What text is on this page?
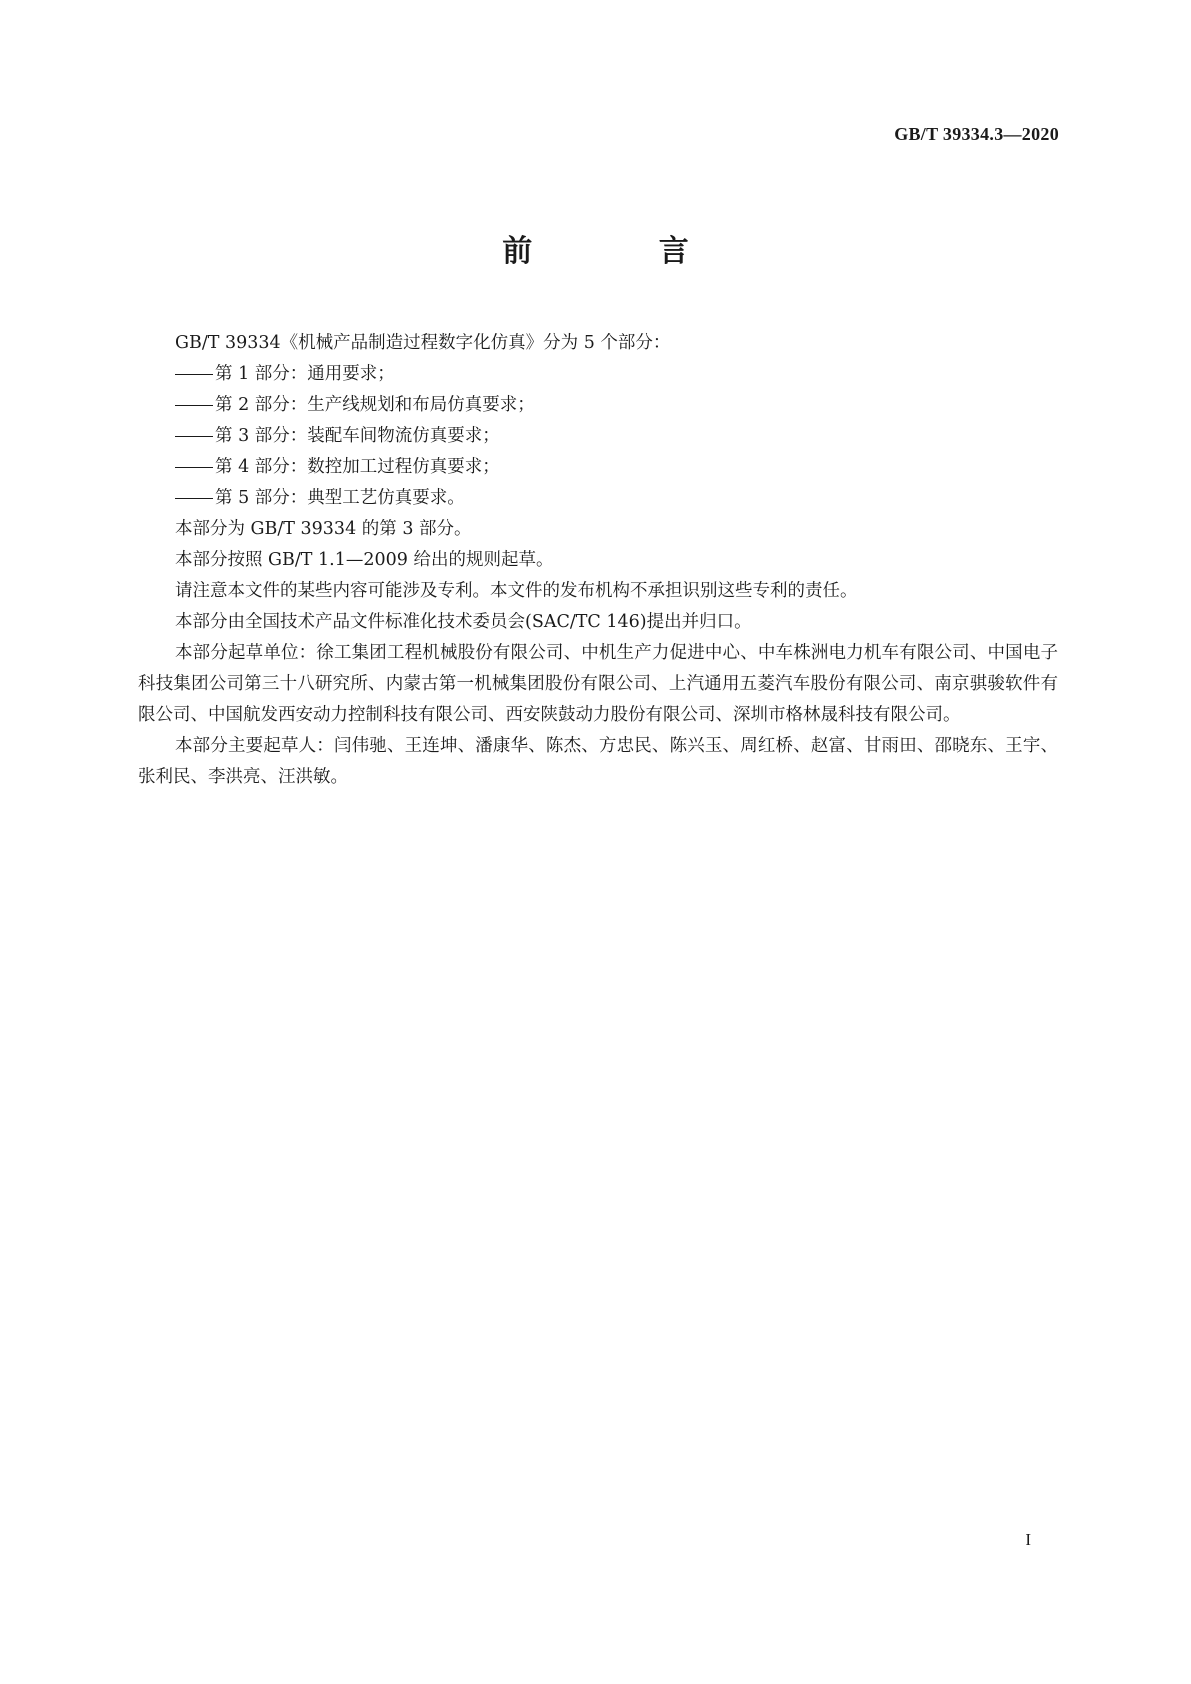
GB/T 39334.3—2020
前 言

GB/T 39334《机械产品制造过程数字化仿真》分为 5 个部分：

第 1 部分：通用要求；

第 2 部分：生产线规划和布局仿真要求；

第 3 部分：装配车间物流仿真要求；

第 4 部分：数控加工过程仿真要求；

第 5 部分：典型工艺仿真要求。

本部分为 GB/T 39334 的第 3 部分。

本部分按照 GB/T 1.1—2009 给出的规则起草。

请注意本文件的某些内容可能涉及专利。本文件的发布机构不承担识别这些专利的责任。

本部分由全国技术产品文件标准化技术委员会(SAC/TC 146)提出并归口。

本部分起草单位：徐工集团工程机械股份有限公司、中机生产力促进中心、中车株洲电力机车有限公司、中国电子科技集团公司第三十八研究所、内蒙古第一机械集团股份有限公司、上汽通用五菱汽车股份有限公司、南京骐骏软件有限公司、中国航发西安动力控制科技有限公司、西安陕鼓动力股份有限公司、深圳市格林晟科技有限公司。

本部分主要起草人：闫伟驰、王连坤、潘康华、陈杰、方忠民、陈兴玉、周红桥、赵富、甘雨田、邵晓东、王宇、张利民、李洪亮、汪洪敏。

I
